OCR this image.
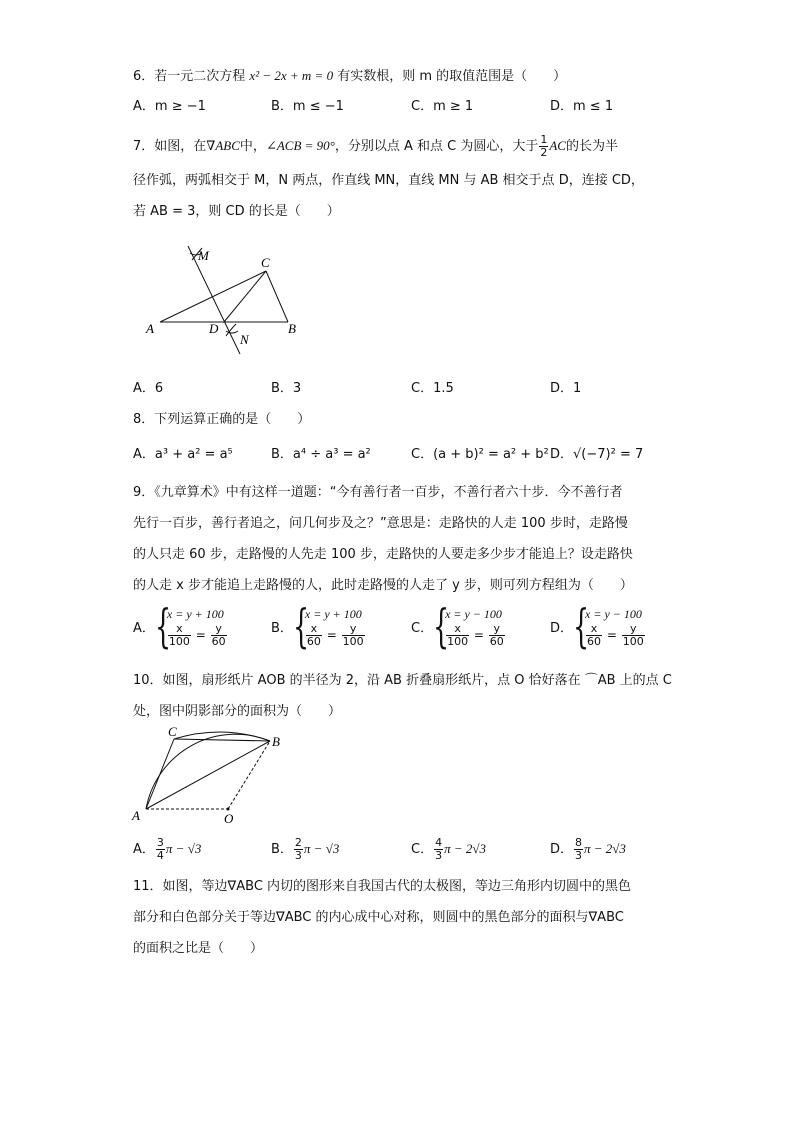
6．若一元二次方程 x² − 2x + m = 0 有实数根，则 m 的取值范围是（　　）
A．m ≥ −1	B．m ≤ −1	C．m ≥ 1	D．m ≤ 1
7．如图，在∇ABC中，∠ACB = 90°，分别以点 A 和点 C 为圆心，大于 $\frac{1}{2}$ AC的长为半
径作弧，两弧相交于 M，N 两点，作直线 MN，直线 MN 与 AB 相交于点 D，连接 CD，
若 AB = 3，则 CD 的长是（　　）
A	B
C
D
M
N
A．6	B．3	C．1.5	D．1
8．下列运算正确的是（　　）
A．a³ + a² = a⁵	B．a⁴ ÷ a³ = a²	C．(a + b)² = a² + b² D．√(−7)² = 7
9．《九章算术》中有这样一道题：“今有善行者一百步，不善行者六十步．今不善行者
先行一百步，善行者追之，问几何步及之？”意思是：走路快的人走 100 步时，走路慢
的人只走 60 步，走路慢的人先走 100 步，走路快的人要走多少步才能追上？设走路快
的人走 x 步才能追上走路慢的人，此时走路慢的人走了 y 步，则可列方程组为（　　）
A． {
x = y + 100
$\frac{x}{100} = \frac{y}{60}$	B． {
x = y + 100
$\frac{x}{60} = \frac{y}{100}$	C． {
x = y − 100
$\frac{x}{100} = \frac{y}{60}$	D． {
x = y − 100
$\frac{x}{60} = \frac{y}{100}$
10．如图，扇形纸片 AOB 的半径为 2，沿 AB 折叠扇形纸片，点 O 恰好落在 ⌒AB 上的点 C
处，图中阴影部分的面积为（　　）
A
B
C
O
A． $\frac{3}{4}$ π − √3	B． $\frac{2}{3}$ π − √3	C． $\frac{4}{3}$ π − 2√3	D． $\frac{8}{3}$ π − 2√3
11．如图，等边∇ABC 内切的图形来自我国古代的太极图，等边三角形内切圆中的黑色
部分和白色部分关于等边∇ABC 的内心成中心对称，则圆中的黑色部分的面积与∇ABC
的面积之比是（　　）
